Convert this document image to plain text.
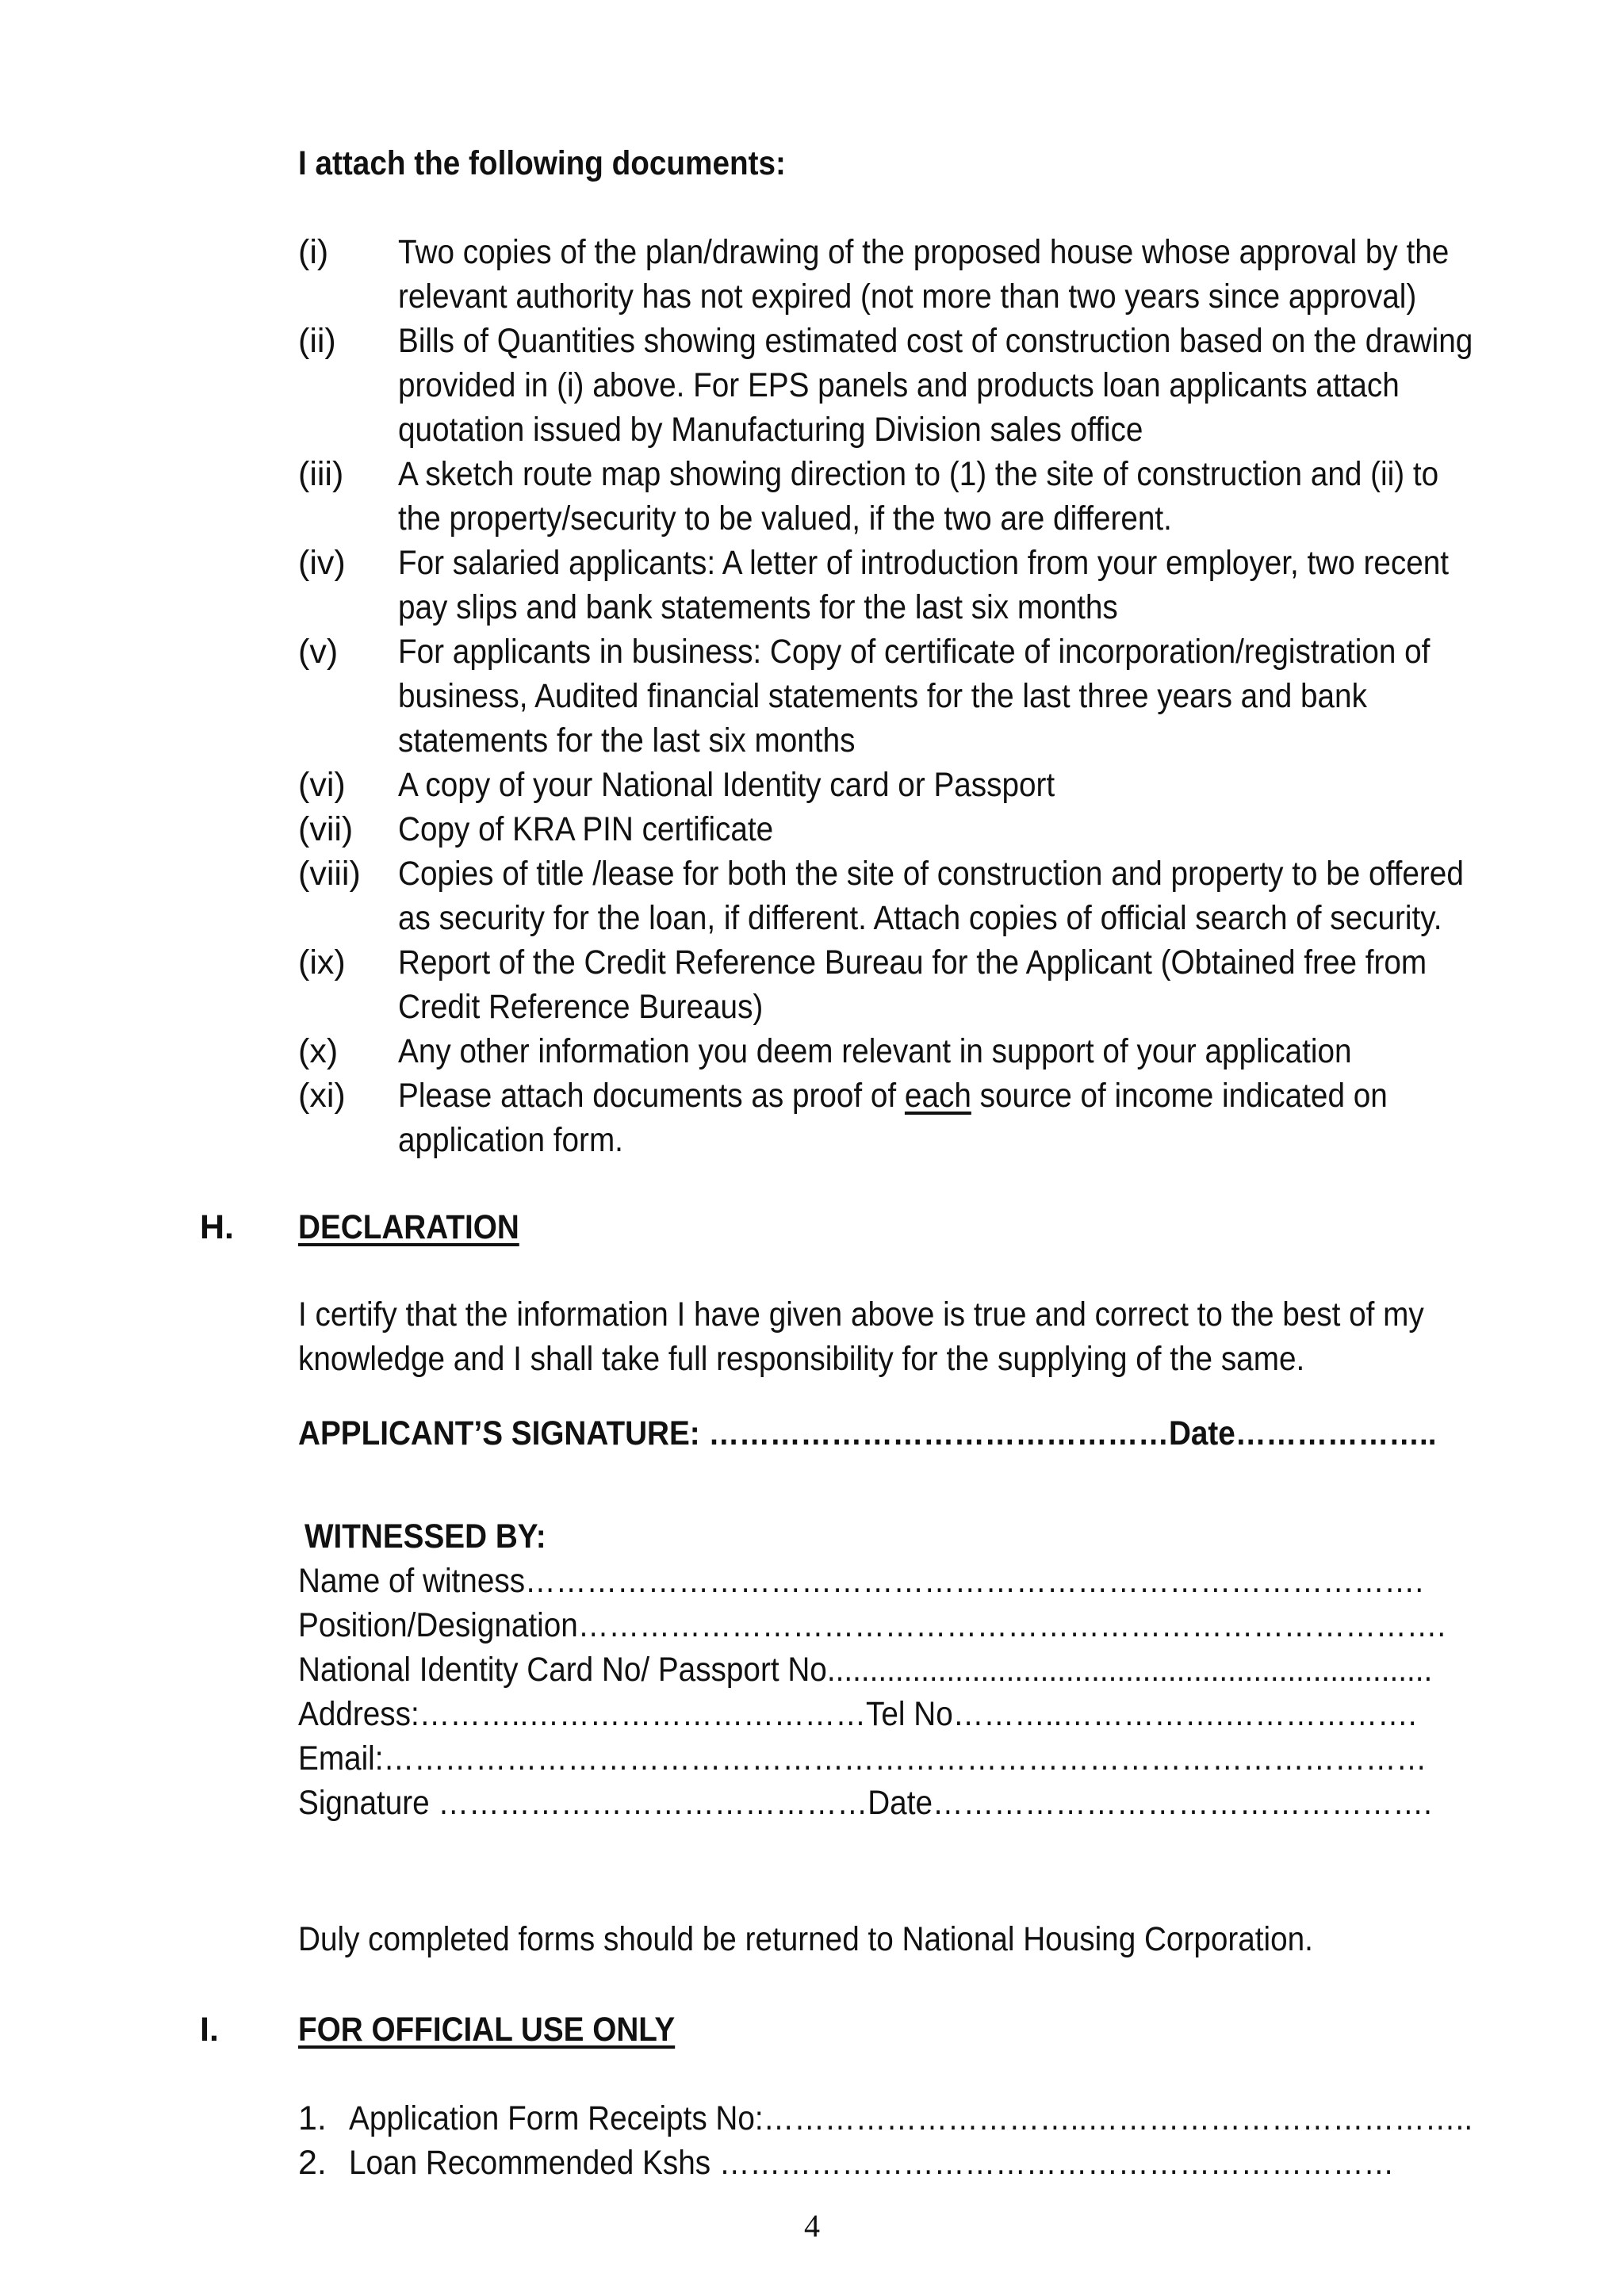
I attach the following documents:
(i) Two copies of the plan/drawing of the proposed house whose approval by the
relevant authority has not expired (not more than two years since approval)
(ii) Bills of Quantities showing estimated cost of construction based on the drawing
provided in (i) above. For EPS panels and products loan applicants attach
quotation issued by Manufacturing Division sales office
(iii) A sketch route map showing direction to (1) the site of construction and (ii) to
the property/security to be valued, if the two are different.
(iv) For salaried applicants: A letter of introduction from your employer, two recent
pay slips and bank statements for the last six months
(v) For applicants in business: Copy of certificate of incorporation/registration of
business, Audited financial statements for the last three years and bank
statements for the last six months
(vi) A copy of your National Identity card or Passport
(vii) Copy of KRA PIN certificate
(viii) Copies of title /lease for both the site of construction and property to be offered
as security for the loan, if different. Attach copies of official search of security.
(ix) Report of the Credit Reference Bureau for the Applicant (Obtained free from
Credit Reference Bureaus)
(x) Any other information you deem relevant in support of your application
(xi) Please attach documents as proof of each source of income indicated on
application form.
H. DECLARATION
I certify that the information I have given above is true and correct to the best of my
knowledge and I shall take full responsibility for the supplying of the same.
APPLICANT’S SIGNATURE: ………………………………………Date………………..
WITNESSED BY:
Name of witness…………………………………………………………………………….
Position/Designation………………………………………………………………………….
National Identity Card No/ Passport No.......................................................................
Address:………..……………………………Tel No………..…………….……………….
Email:…………………………………………………………………………………………
Signature ……………………………………Date………………………………………….
Duly completed forms should be returned to National Housing Corporation.
I. FOR OFFICIAL USE ONLY
1. Application Form Receipts No:…………………………..………………………………..
2. Loan Recommended Kshs …………………………………………………………
4
